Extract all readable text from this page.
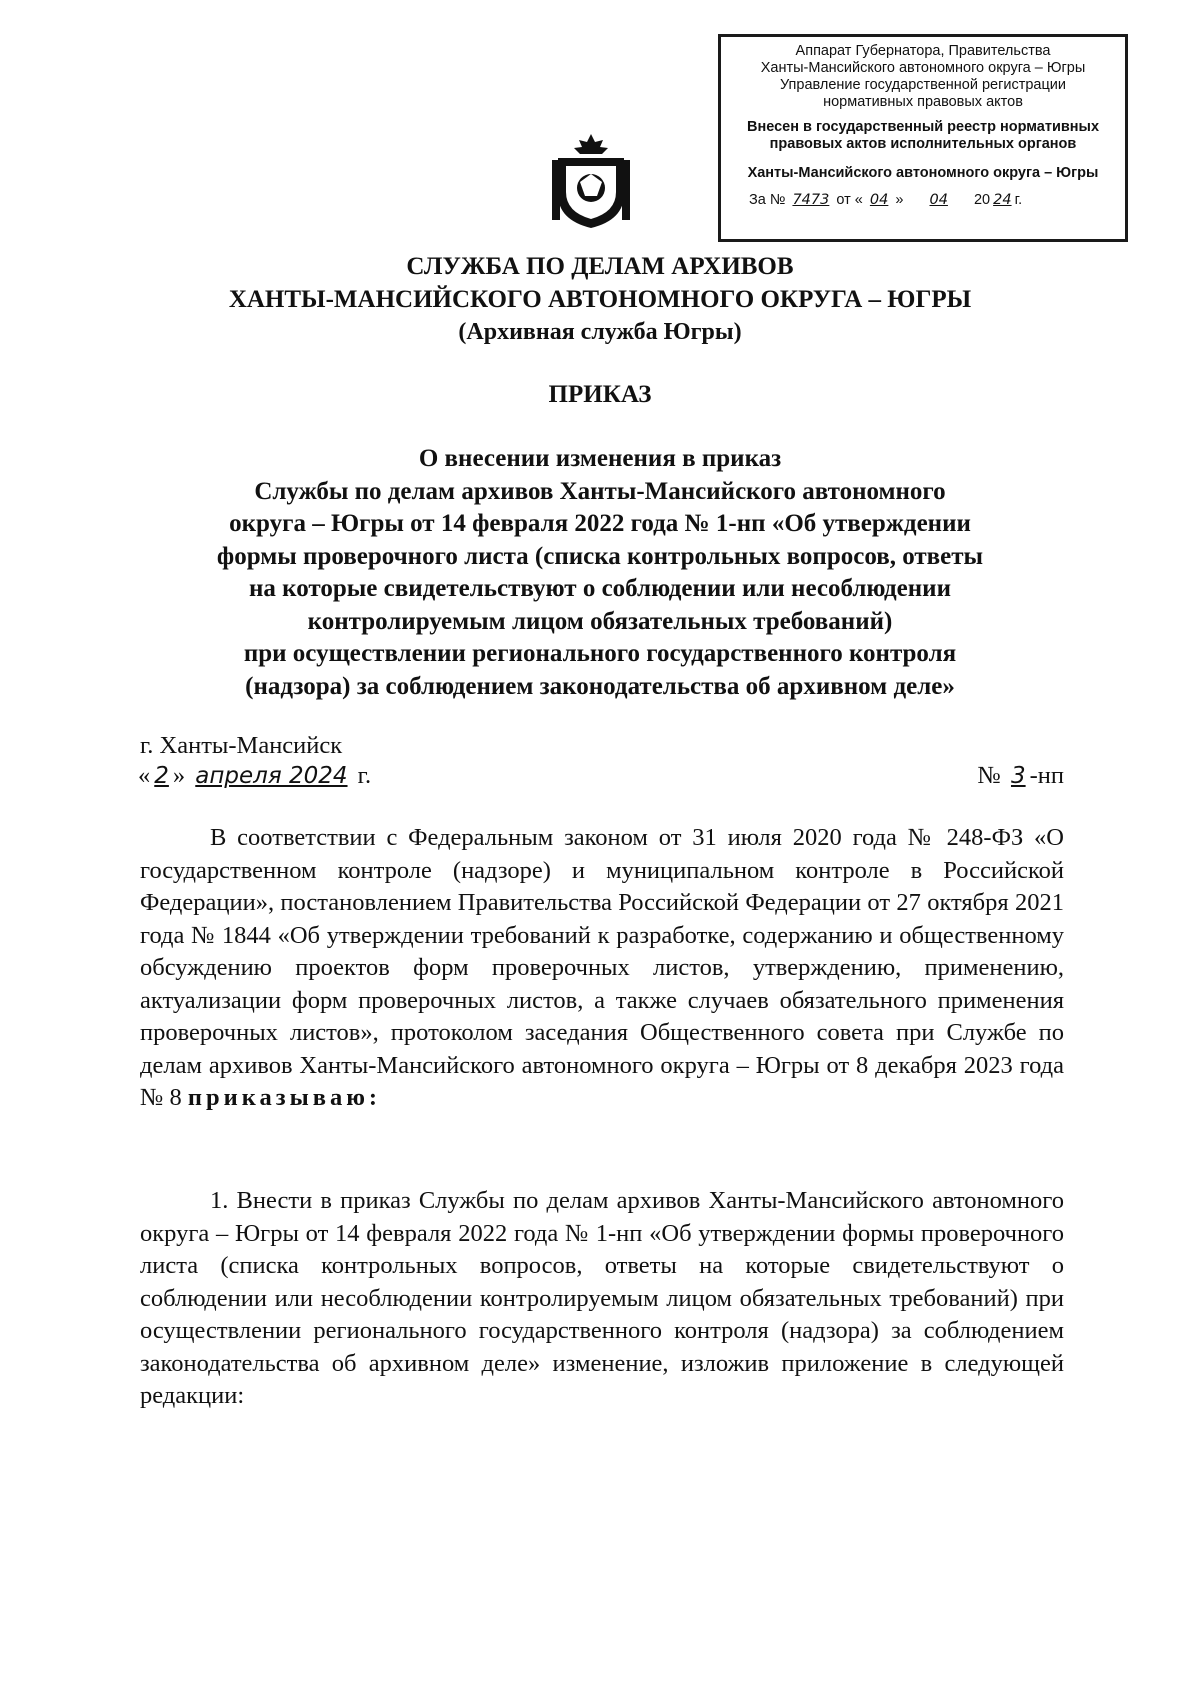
Аппарат Губернатора, Правительства
Ханты-Мансийского автономного округа – Югры
Управление государственной регистрации
нормативных правовых актов
Внесен в государственный реестр нормативных
правовых актов исполнительных органов
Ханты-Мансийского автономного округа – Югры
За № 7473 от « 04 » 04 20 24 г.
СЛУЖБА ПО ДЕЛАМ АРХИВОВ
ХАНТЫ-МАНСИЙСКОГО АВТОНОМНОГО ОКРУГА – ЮГРЫ
(Архивная служба Югры)
ПРИКАЗ
О внесении изменения в приказ
Службы по делам архивов Ханты-Мансийского автономного
округа – Югры от 14 февраля 2022 года № 1-нп «Об утверждении
формы проверочного листа (списка контрольных вопросов, ответы
на которые свидетельствуют о соблюдении или несоблюдении
контролируемым лицом обязательных требований)
при осуществлении регионального государственного контроля
(надзора) за соблюдением законодательства об архивном деле»
г. Ханты-Мансийск
« 2 » апреля 2024 г.	№ 3 -нп
В соответствии с Федеральным законом от 31 июля 2020 года № 248-ФЗ «О государственном контроле (надзоре) и муниципальном контроле в Российской Федерации», постановлением Правительства Российской Федерации от 27 октября 2021 года № 1844 «Об утверждении требований к разработке, содержанию и общественному обсуждению проектов форм проверочных листов, утверждению, применению, актуализации форм проверочных листов, а также случаев обязательного применения проверочных листов», протоколом заседания Общественного совета при Службе по делам архивов Ханты-Мансийского автономного округа – Югры от 8 декабря 2023 года № 8 приказываю:
1. Внести в приказ Службы по делам архивов Ханты-Мансийского автономного округа – Югры от 14 февраля 2022 года № 1-нп «Об утверждении формы проверочного листа (списка контрольных вопросов, ответы на которые свидетельствуют о соблюдении или несоблюдении контролируемым лицом обязательных требований) при осуществлении регионального государственного контроля (надзора) за соблюдением законодательства об архивном деле» изменение, изложив приложение в следующей редакции:
